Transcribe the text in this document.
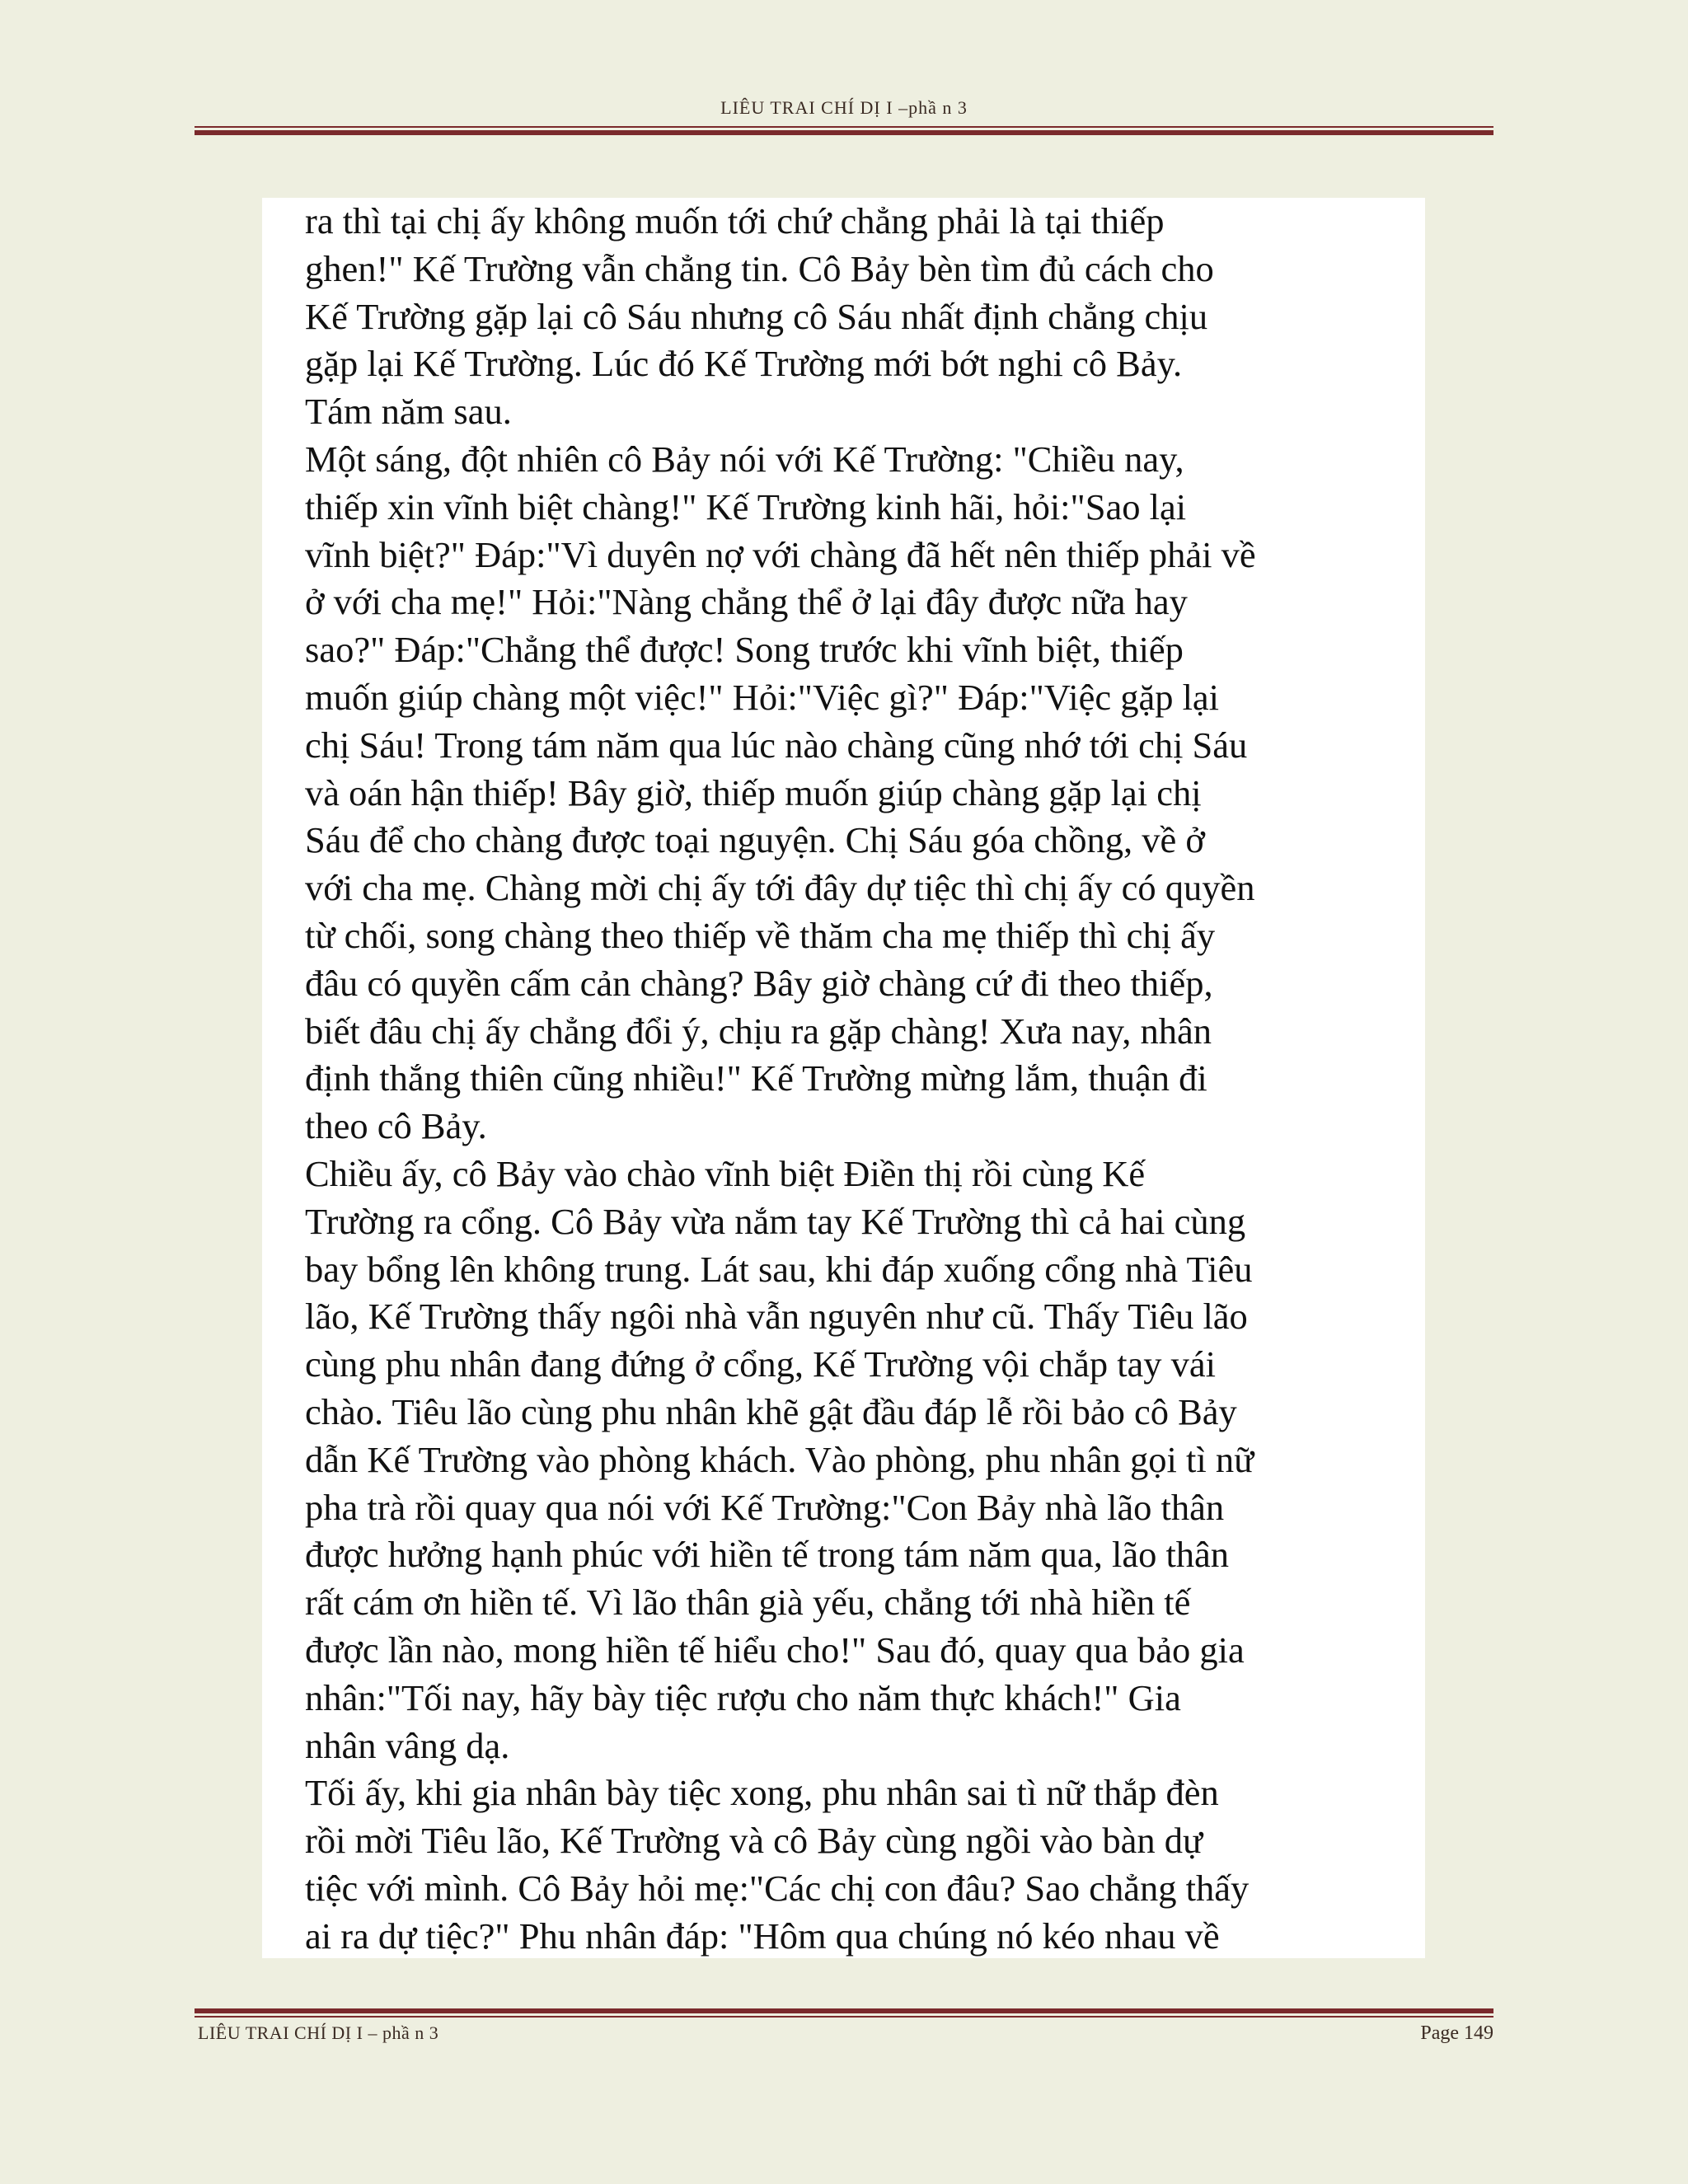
LIÊU TRAI CHÍ DỊ I –phầ n 3
ra thì tại chị ấy không muốn tới chứ chẳng phải là tại thiếp
ghen!" Kế Trường vẫn chẳng tin. Cô Bảy bèn tìm đủ cách cho
Kế Trường gặp lại cô Sáu nhưng cô Sáu nhất định chẳng chịu
gặp lại Kế Trường. Lúc đó Kế Trường mới bớt nghi cô Bảy.
Tám năm sau.
Một sáng, đột nhiên cô Bảy nói với Kế Trường: "Chiều nay,
thiếp xin vĩnh biệt chàng!" Kế Trường kinh hãi, hỏi:"Sao lại
vĩnh biệt?" Đáp:"Vì duyên nợ với chàng đã hết nên thiếp phải về
ở với cha mẹ!" Hỏi:"Nàng chẳng thể ở lại đây được nữa hay
sao?" Đáp:"Chẳng thể được! Song trước khi vĩnh biệt, thiếp
muốn giúp chàng một việc!" Hỏi:"Việc gì?" Đáp:"Việc gặp lại
chị Sáu! Trong tám năm qua lúc nào chàng cũng nhớ tới chị Sáu
và oán hận thiếp! Bây giờ, thiếp muốn giúp chàng gặp lại chị
Sáu để cho chàng được toại nguyện. Chị Sáu góa chồng, về ở
với cha mẹ. Chàng mời chị ấy tới đây dự tiệc thì chị ấy có quyền
từ chối, song chàng theo thiếp về thăm cha mẹ thiếp thì chị ấy
đâu có quyền cấm cản chàng? Bây giờ chàng cứ đi theo thiếp,
biết đâu chị ấy chẳng đổi ý, chịu ra gặp chàng! Xưa nay, nhân
định thắng thiên cũng nhiều!" Kế Trường mừng lắm, thuận đi
theo cô Bảy.
Chiều ấy, cô Bảy vào chào vĩnh biệt Điền thị rồi cùng Kế
Trường ra cổng. Cô Bảy vừa nắm tay Kế Trường thì cả hai cùng
bay bổng lên không trung. Lát sau, khi đáp xuống cổng nhà Tiêu
lão, Kế Trường thấy ngôi nhà vẫn nguyên như cũ. Thấy Tiêu lão
cùng phu nhân đang đứng ở cổng, Kế Trường vội chắp tay vái
chào. Tiêu lão cùng phu nhân khẽ gật đầu đáp lễ rồi bảo cô Bảy
dẫn Kế Trường vào phòng khách. Vào phòng, phu nhân gọi tì nữ
pha trà rồi quay qua nói với Kế Trường:"Con Bảy nhà lão thân
được hưởng hạnh phúc với hiền tế trong tám năm qua, lão thân
rất cám ơn hiền tế. Vì lão thân già yếu, chẳng tới nhà hiền tế
được lần nào, mong hiền tế hiểu cho!" Sau đó, quay qua bảo gia
nhân:"Tối nay, hãy bày tiệc rượu cho năm thực khách!" Gia
nhân vâng dạ.
Tối ấy, khi gia nhân bày tiệc xong, phu nhân sai tì nữ thắp đèn
rồi mời Tiêu lão, Kế Trường và cô Bảy cùng ngồi vào bàn dự
tiệc với mình. Cô Bảy hỏi mẹ:"Các chị con đâu? Sao chẳng thấy
ai ra dự tiệc?" Phu nhân đáp: "Hôm qua chúng nó kéo nhau về
LIÊU TRAI CHÍ DỊ I – phầ n 3	Page 149
